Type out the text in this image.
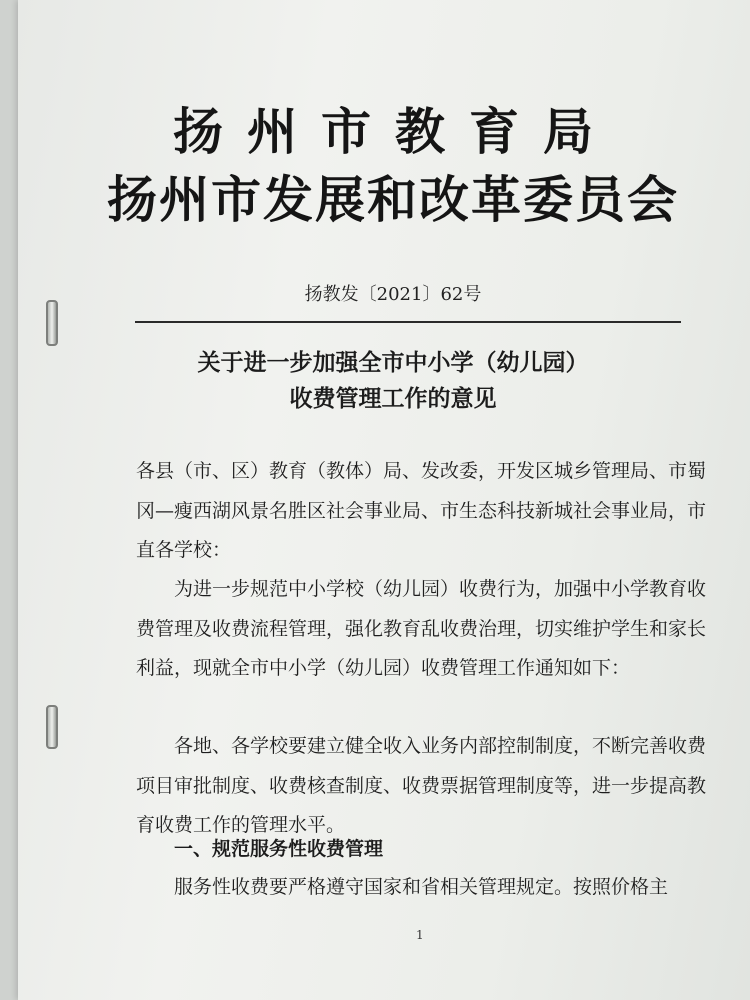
扬州市教育局
扬州市发展和改革委员会
扬教发〔2021〕62号
关于进一步加强全市中小学（幼儿园）
收费管理工作的意见
各县（市、区）教育（教体）局、发改委，开发区城乡管理局、市蜀冈—瘦西湖风景名胜区社会事业局、市生态科技新城社会事业局，市直各学校：
为进一步规范中小学校（幼儿园）收费行为，加强中小学教育收费管理及收费流程管理，强化教育乱收费治理，切实维护学生和家长利益，现就全市中小学（幼儿园）收费管理工作通知如下：
各地、各学校要建立健全收入业务内部控制制度，不断完善收费项目审批制度、收费核查制度、收费票据管理制度等，进一步提高教育收费工作的管理水平。
一、规范服务性收费管理
服务性收费要严格遵守国家和省相关管理规定。按照价格主
1
